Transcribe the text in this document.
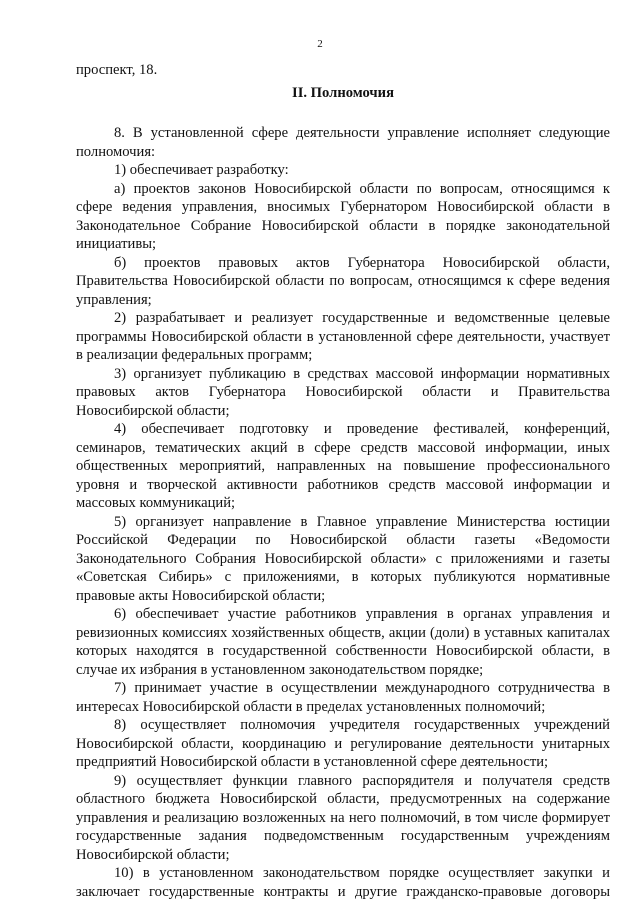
2

проспект, 18.

II. Полномочия

8. В установленной сфере деятельности управление исполняет следующие полномочия:

1) обеспечивает разработку:

а) проектов законов Новосибирской области по вопросам, относящимся к сфере ведения управления, вносимых Губернатором Новосибирской области в Законодательное Собрание Новосибирской области в порядке законодательной инициативы;

б) проектов правовых актов Губернатора Новосибирской области, Правительства Новосибирской области по вопросам, относящимся к сфере ведения управления;

2) разрабатывает и реализует государственные и ведомственные целевые программы Новосибирской области в установленной сфере деятельности, участвует в реализации федеральных программ;

3) организует публикацию в средствах массовой информации нормативных правовых актов Губернатора Новосибирской области и Правительства Новосибирской области;

4) обеспечивает подготовку и проведение фестивалей, конференций, семинаров, тематических акций в сфере средств массовой информации, иных общественных мероприятий, направленных на повышение профессионального уровня и творческой активности работников средств массовой информации и массовых коммуникаций;

5) организует направление в Главное управление Министерства юстиции Российской Федерации по Новосибирской области газеты «Ведомости Законодательного Собрания Новосибирской области» с приложениями и газеты «Советская Сибирь» с приложениями, в которых публикуются нормативные правовые акты Новосибирской области;

6) обеспечивает участие работников управления в органах управления и ревизионных комиссиях хозяйственных обществ, акции (доли) в уставных капиталах которых находятся в государственной собственности Новосибирской области, в случае их избрания в установленном законодательством порядке;

7) принимает участие в осуществлении международного сотрудничества в интересах Новосибирской области в пределах установленных полномочий;

8) осуществляет полномочия учредителя государственных учреждений Новосибирской области, координацию и регулирование деятельности унитарных предприятий Новосибирской области в установленной сфере деятельности;

9) осуществляет функции главного распорядителя и получателя средств областного бюджета Новосибирской области, предусмотренных на содержание управления и реализацию возложенных на него полномочий, в том числе формирует государственные задания подведомственным государственным учреждениям Новосибирской области;

10) в установленном законодательством порядке осуществляет закупки и заключает государственные контракты и другие гражданско-правовые договоры
